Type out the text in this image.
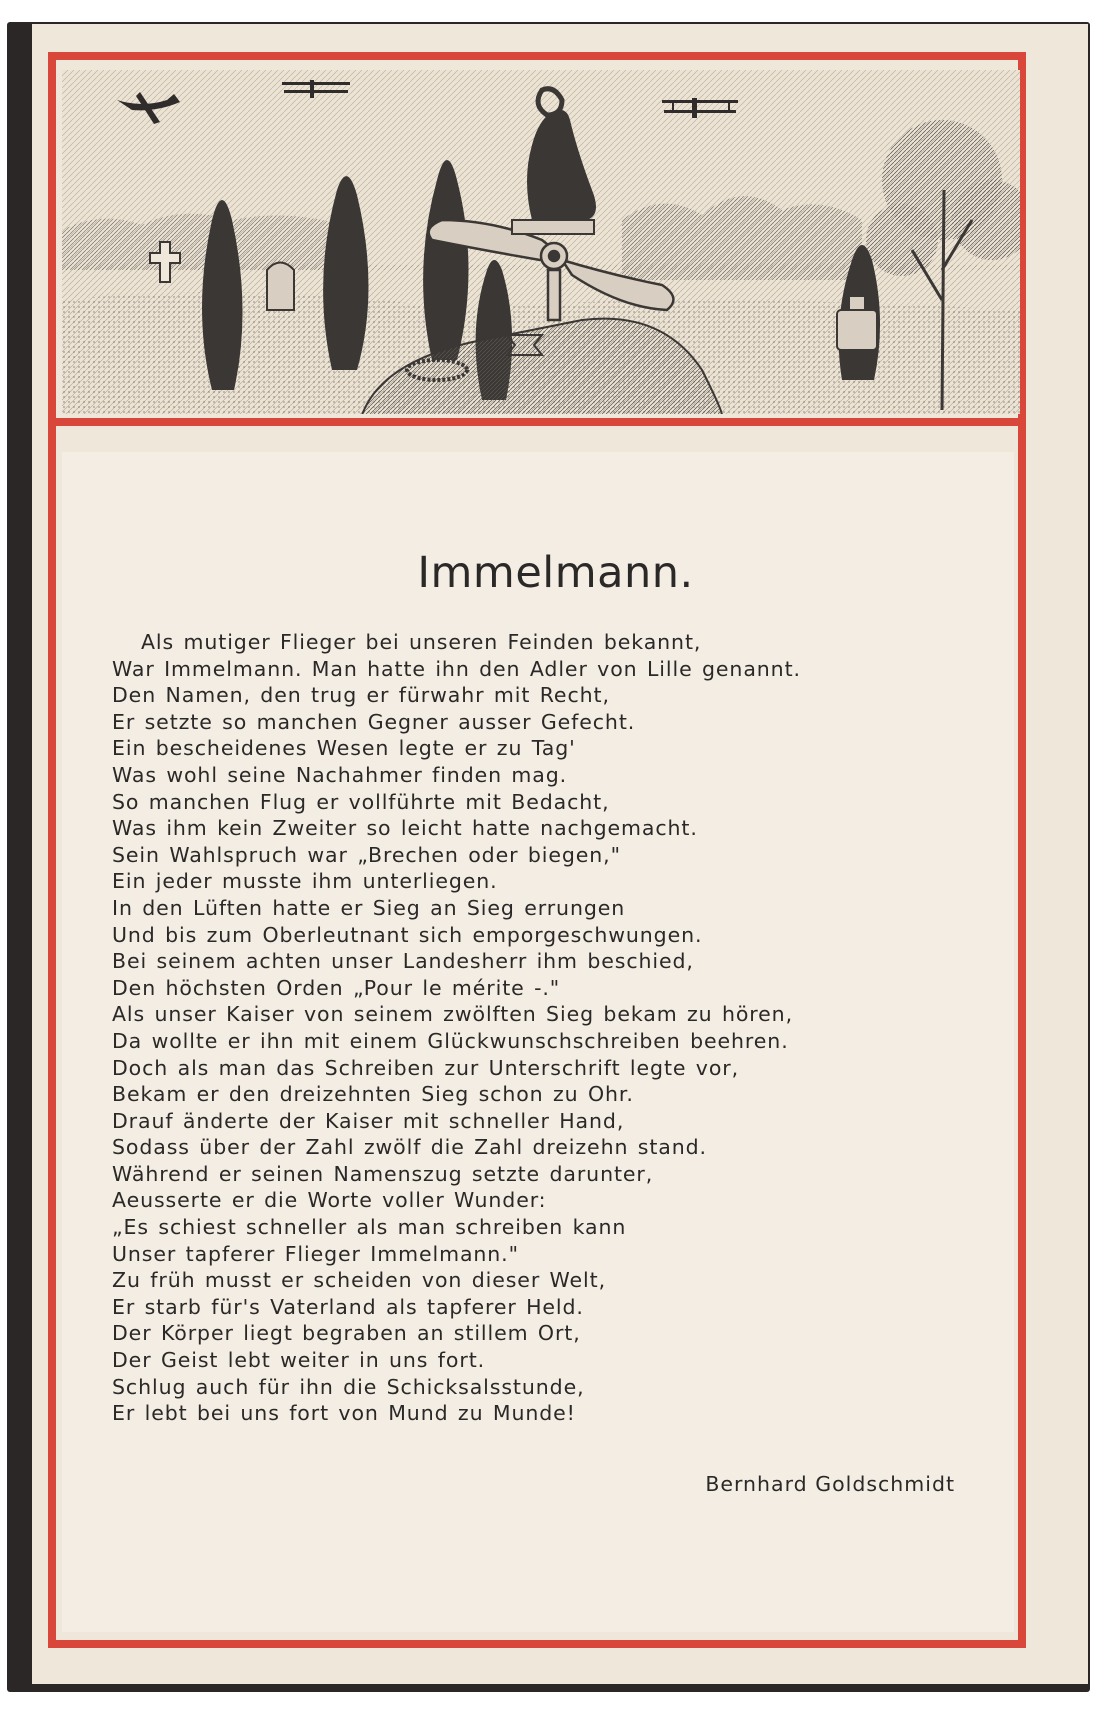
Immelmann.
Als mutiger Flieger bei unseren Feinden bekannt,
War Immelmann. Man hatte ihn den Adler von Lille genannt.
Den Namen, den trug er fürwahr mit Recht,
Er setzte so manchen Gegner ausser Gefecht.
Ein bescheidenes Wesen legte er zu Tag'
Was wohl seine Nachahmer finden mag.
So manchen Flug er vollführte mit Bedacht,
Was ihm kein Zweiter so leicht hatte nachgemacht.
Sein Wahlspruch war „Brechen oder biegen,"
Ein jeder musste ihm unterliegen.
In den Lüften hatte er Sieg an Sieg errungen
Und bis zum Oberleutnant sich emporgeschwungen.
Bei seinem achten unser Landesherr ihm beschied,
Den höchsten Orden „Pour le mérite -."
Als unser Kaiser von seinem zwölften Sieg bekam zu hören,
Da wollte er ihn mit einem Glückwunschschreiben beehren.
Doch als man das Schreiben zur Unterschrift legte vor,
Bekam er den dreizehnten Sieg schon zu Ohr.
Drauf änderte der Kaiser mit schneller Hand,
Sodass über der Zahl zwölf die Zahl dreizehn stand.
Während er seinen Namenszug setzte darunter,
Aeusserte er die Worte voller Wunder:
„Es schiest schneller als man schreiben kann
Unser tapferer Flieger Immelmann."
Zu früh musst er scheiden von dieser Welt,
Er starb für's Vaterland als tapferer Held.
Der Körper liegt begraben an stillem Ort,
Der Geist lebt weiter in uns fort.
Schlug auch für ihn die Schicksalsstunde,
Er lebt bei uns fort von Mund zu Munde!
Bernhard Goldschmidt
